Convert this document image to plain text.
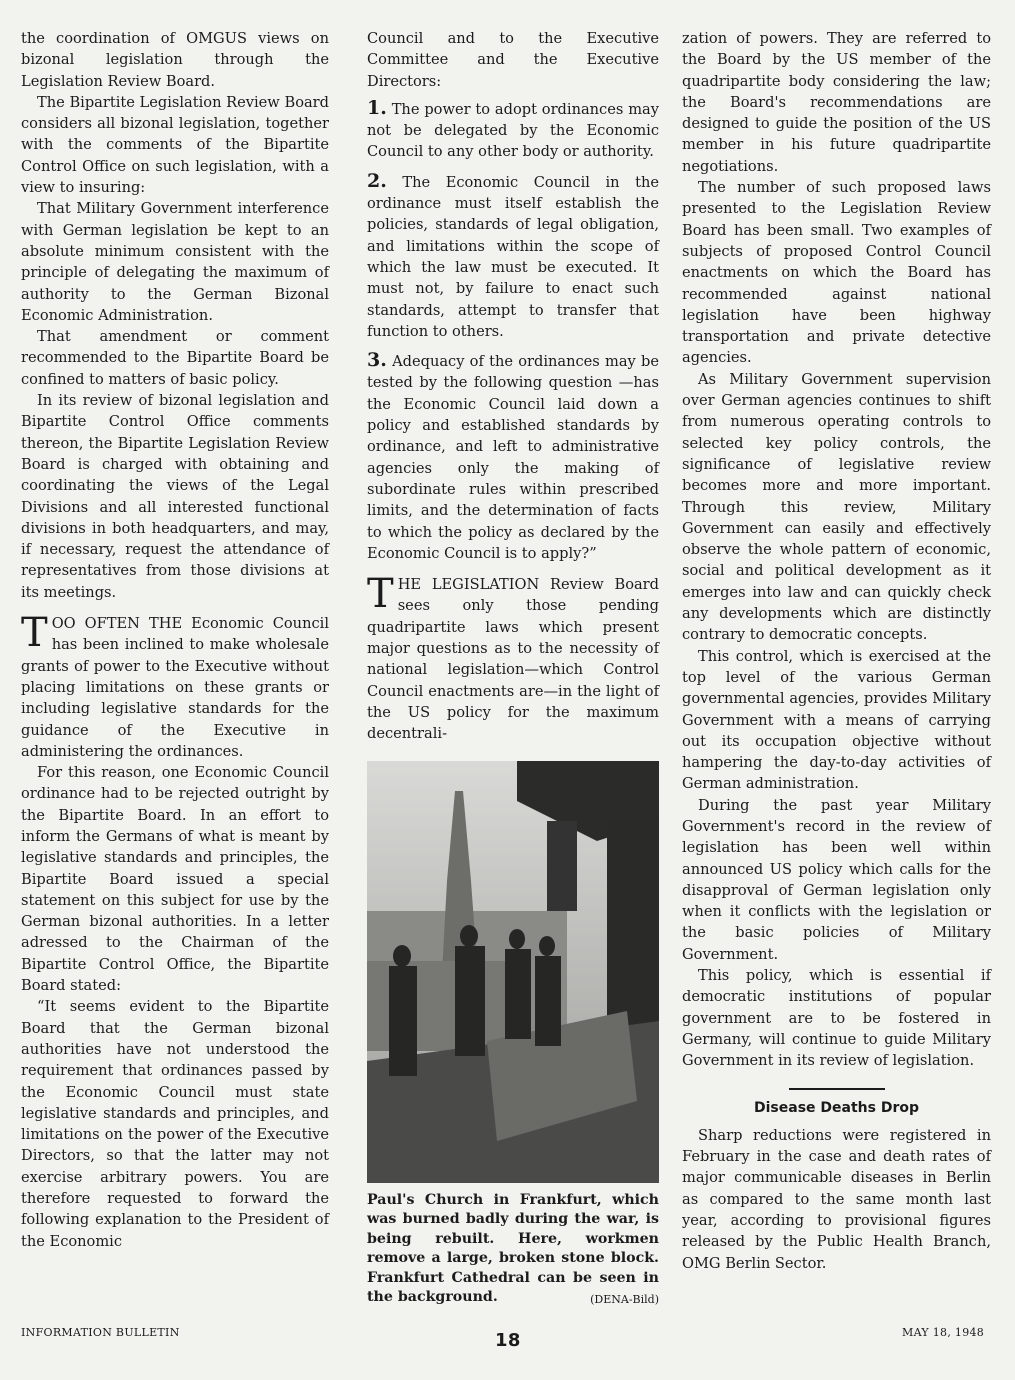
the coordination of OMGUS views on bizonal legislation through the Legislation Review Board.

The Bipartite Legislation Review Board considers all bizonal legislation, together with the comments of the Bipartite Control Office on such legislation, with a view to insuring:

That Military Government interference with German legislation be kept to an absolute minimum consistent with the principle of delegating the maximum of authority to the German Bizonal Economic Administration.

That amendment or comment recommended to the Bipartite Board be confined to matters of basic policy.

In its review of bizonal legislation and Bipartite Control Office comments thereon, the Bipartite Legislation Review Board is charged with obtaining and coordinating the views of the Legal Divisions and all interested functional divisions in both headquarters, and may, if necessary, request the attendance of representatives from those divisions at its meetings.

TOO OFTEN THE Economic Council has been inclined to make wholesale grants of power to the Executive without placing limitations on these grants or including legislative standards for the guidance of the Executive in administering the ordinances.

For this reason, one Economic Council ordinance had to be rejected outright by the Bipartite Board. In an effort to inform the Germans of what is meant by legislative standards and principles, the Bipartite Board issued a special statement on this subject for use by the German bizonal authorities. In a letter adressed to the Chairman of the Bipartite Control Office, the Bipartite Board stated:

“It seems evident to the Bipartite Board that the German bizonal authorities have not understood the requirement that ordinances passed by the Economic Council must state legislative standards and principles, and limitations on the power of the Executive Directors, so that the latter may not exercise arbitrary powers. You are therefore requested to forward the following explanation to the President of the Economic

Council and to the Executive Committee and the Executive Directors:

1. The power to adopt ordinances may not be delegated by the Economic Council to any other body or authority.

2. The Economic Council in the ordinance must itself establish the policies, standards of legal obligation, and limitations within the scope of which the law must be executed. It must not, by failure to enact such standards, attempt to transfer that function to others.

3. Adequacy of the ordinances may be tested by the following question —has the Economic Council laid down a policy and established standards by ordinance, and left to administrative agencies only the making of subordinate rules within prescribed limits, and the determination of facts to which the policy as declared by the Economic Council is to apply?”

THE LEGISLATION Review Board sees only those pending quadripartite laws which present major questions as to the necessity of national legislation—which Control Council enactments are—in the light of the US policy for the maximum decentrali-

Paul's Church in Frankfurt, which was burned badly during the war, is being rebuilt. Here, workmen remove a large, broken stone block. Frankfurt Cathedral can be seen in the background.	(DENA-Bild)

zation of powers. They are referred to the Board by the US member of the quadripartite body considering the law; the Board's recommendations are designed to guide the position of the US member in his future quadripartite negotiations.

The number of such proposed laws presented to the Legislation Review Board has been small. Two examples of subjects of proposed Control Council enactments on which the Board has recommended against national legislation have been highway transportation and private detective agencies.

As Military Government supervision over German agencies continues to shift from numerous operating controls to selected key policy controls, the significance of legislative review becomes more and more important. Through this review, Military Government can easily and effectively observe the whole pattern of economic, social and political development as it emerges into law and can quickly check any developments which are distinctly contrary to democratic concepts.

This control, which is exercised at the top level of the various German governmental agencies, provides Military Government with a means of carrying out its occupation objective without hampering the day-to-day activities of German administration.

During the past year Military Government's record in the review of legislation has been well within announced US policy which calls for the disapproval of German legislation only when it conflicts with the legislation or the basic policies of Military Government.

This policy, which is essential if democratic institutions of popular government are to be fostered in Germany, will continue to guide Military Government in its review of legislation.

Disease Deaths Drop

Sharp reductions were registered in February in the case and death rates of major communicable diseases in Berlin as compared to the same month last year, according to provisional figures released by the Public Health Branch, OMG Berlin Sector.

INFORMATION BULLETIN	18	MAY 18, 1948
